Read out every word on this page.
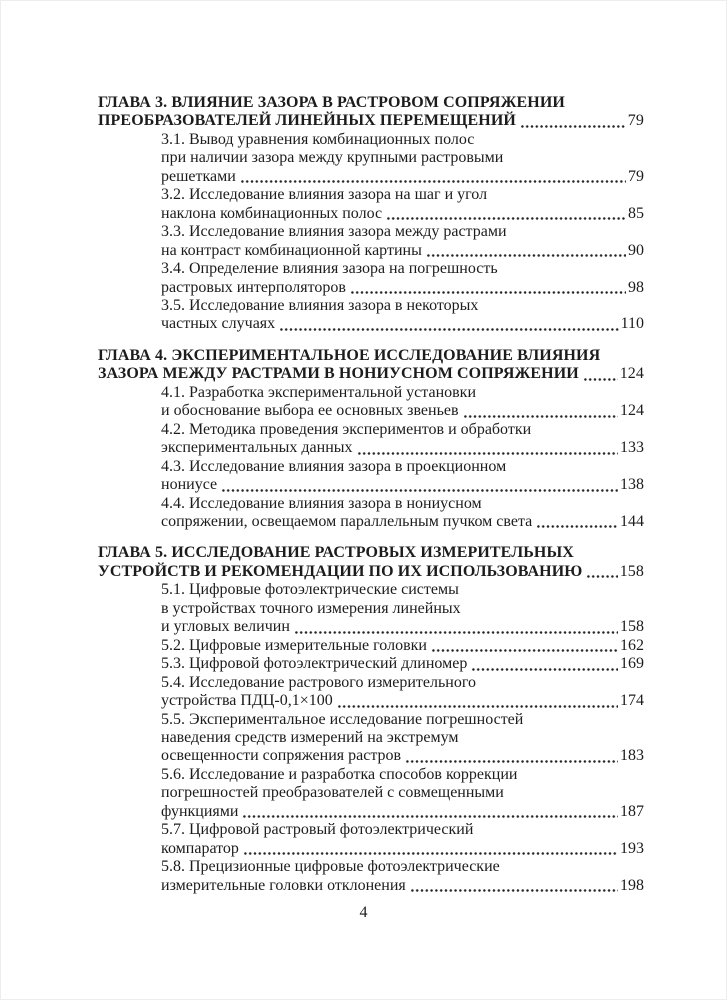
ГЛАВА 3. ВЛИЯНИЕ ЗАЗОРА В РАСТРОВОМ СОПРЯЖЕНИИ
ПРЕОБРАЗОВАТЕЛЕЙ ЛИНЕЙНЫХ ПЕРЕМЕЩЕНИЙ	79
3.1. Вывод уравнения комбинационных полос
при наличии зазора между крупными растровыми
решетками	79
3.2. Исследование влияния зазора на шаг и угол
наклона комбинационных полос	85
3.3. Исследование влияния зазора между растрами
на контраст комбинационной картины	90
3.4. Определение влияния зазора на погрешность
растровых интерполяторов	98
3.5. Исследование влияния зазора в некоторых
частных случаях	110
ГЛАВА 4. ЭКСПЕРИМЕНТАЛЬНОЕ ИССЛЕДОВАНИЕ ВЛИЯНИЯ
ЗАЗОРА МЕЖДУ РАСТРАМИ В НОНИУСНОМ СОПРЯЖЕНИИ	124
4.1. Разработка экспериментальной установки
и обоснование выбора ее основных звеньев	124
4.2. Методика проведения экспериментов и обработки
экспериментальных данных	133
4.3. Исследование влияния зазора в проекционном
нониусе	138
4.4. Исследование влияния зазора в нониусном
сопряжении, освещаемом параллельным пучком света	144
ГЛАВА 5. ИССЛЕДОВАНИЕ РАСТРОВЫХ ИЗМЕРИТЕЛЬНЫХ
УСТРОЙСТВ И РЕКОМЕНДАЦИИ ПО ИХ ИСПОЛЬЗОВАНИЮ 158
5.1. Цифровые фотоэлектрические системы
в устройствах точного измерения линейных
и угловых величин	158
5.2. Цифровые измерительные головки	162
5.3. Цифровой фотоэлектрический длиномер	169
5.4. Исследование растрового измерительного
устройства ПДЦ-0,1×100	174
5.5. Экспериментальное исследование погрешностей
наведения средств измерений на экстремум
освещенности сопряжения растров	183
5.6. Исследование и разработка способов коррекции
погрешностей преобразователей с совмещенными
функциями	187
5.7. Цифровой растровый фотоэлектрический
компаратор	193
5.8. Прецизионные цифровые фотоэлектрические
измерительные головки отклонения	198
4
